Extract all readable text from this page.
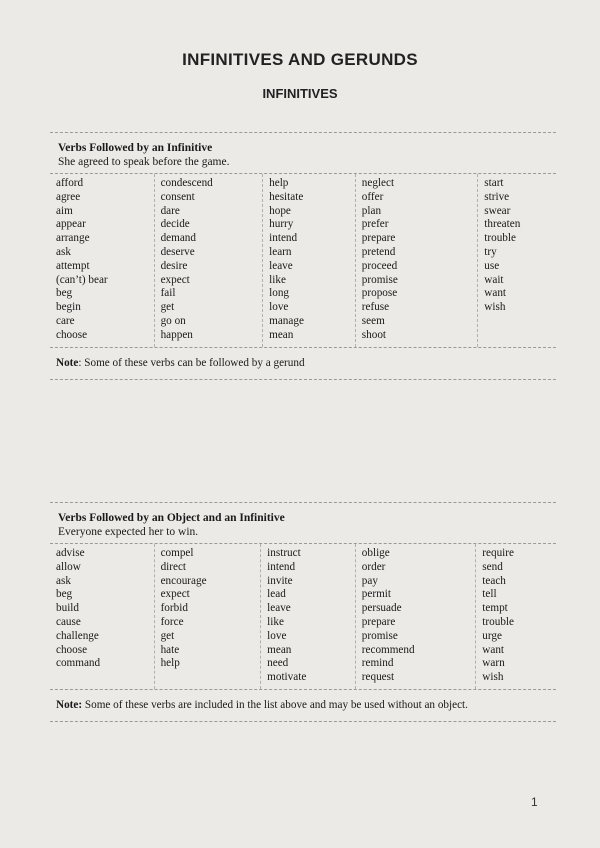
INFINITIVES AND GERUNDS
INFINITIVES
Verbs Followed by an Infinitive
She agreed to speak before the game.
afford
agree
aim
appear
arrange
ask
attempt
(can’t) bear
beg
begin
care
choose
condescend
consent
dare
decide
demand
deserve
desire
expect
fail
get
go on
happen
help
hesitate
hope
hurry
intend
learn
leave
like
long
love
manage
mean
neglect
offer
plan
prefer
prepare
pretend
proceed
promise
propose
refuse
seem
shoot
start
strive
swear
threaten
trouble
try
use
wait
want
wish
Note: Some of these verbs can be followed by a gerund
Verbs Followed by an Object and an Infinitive
Everyone expected her to win.
advise
allow
ask
beg
build
cause
challenge
choose
command
compel
direct
encourage
expect
forbid
force
get
hate
help
instruct
intend
invite
lead
leave
like
love
mean
need
motivate
oblige
order
pay
permit
persuade
prepare
promise
recommend
remind
request
require
send
teach
tell
tempt
trouble
urge
want
warn
wish
Note: Some of these verbs are included in the list above and may be used without an object.
1
